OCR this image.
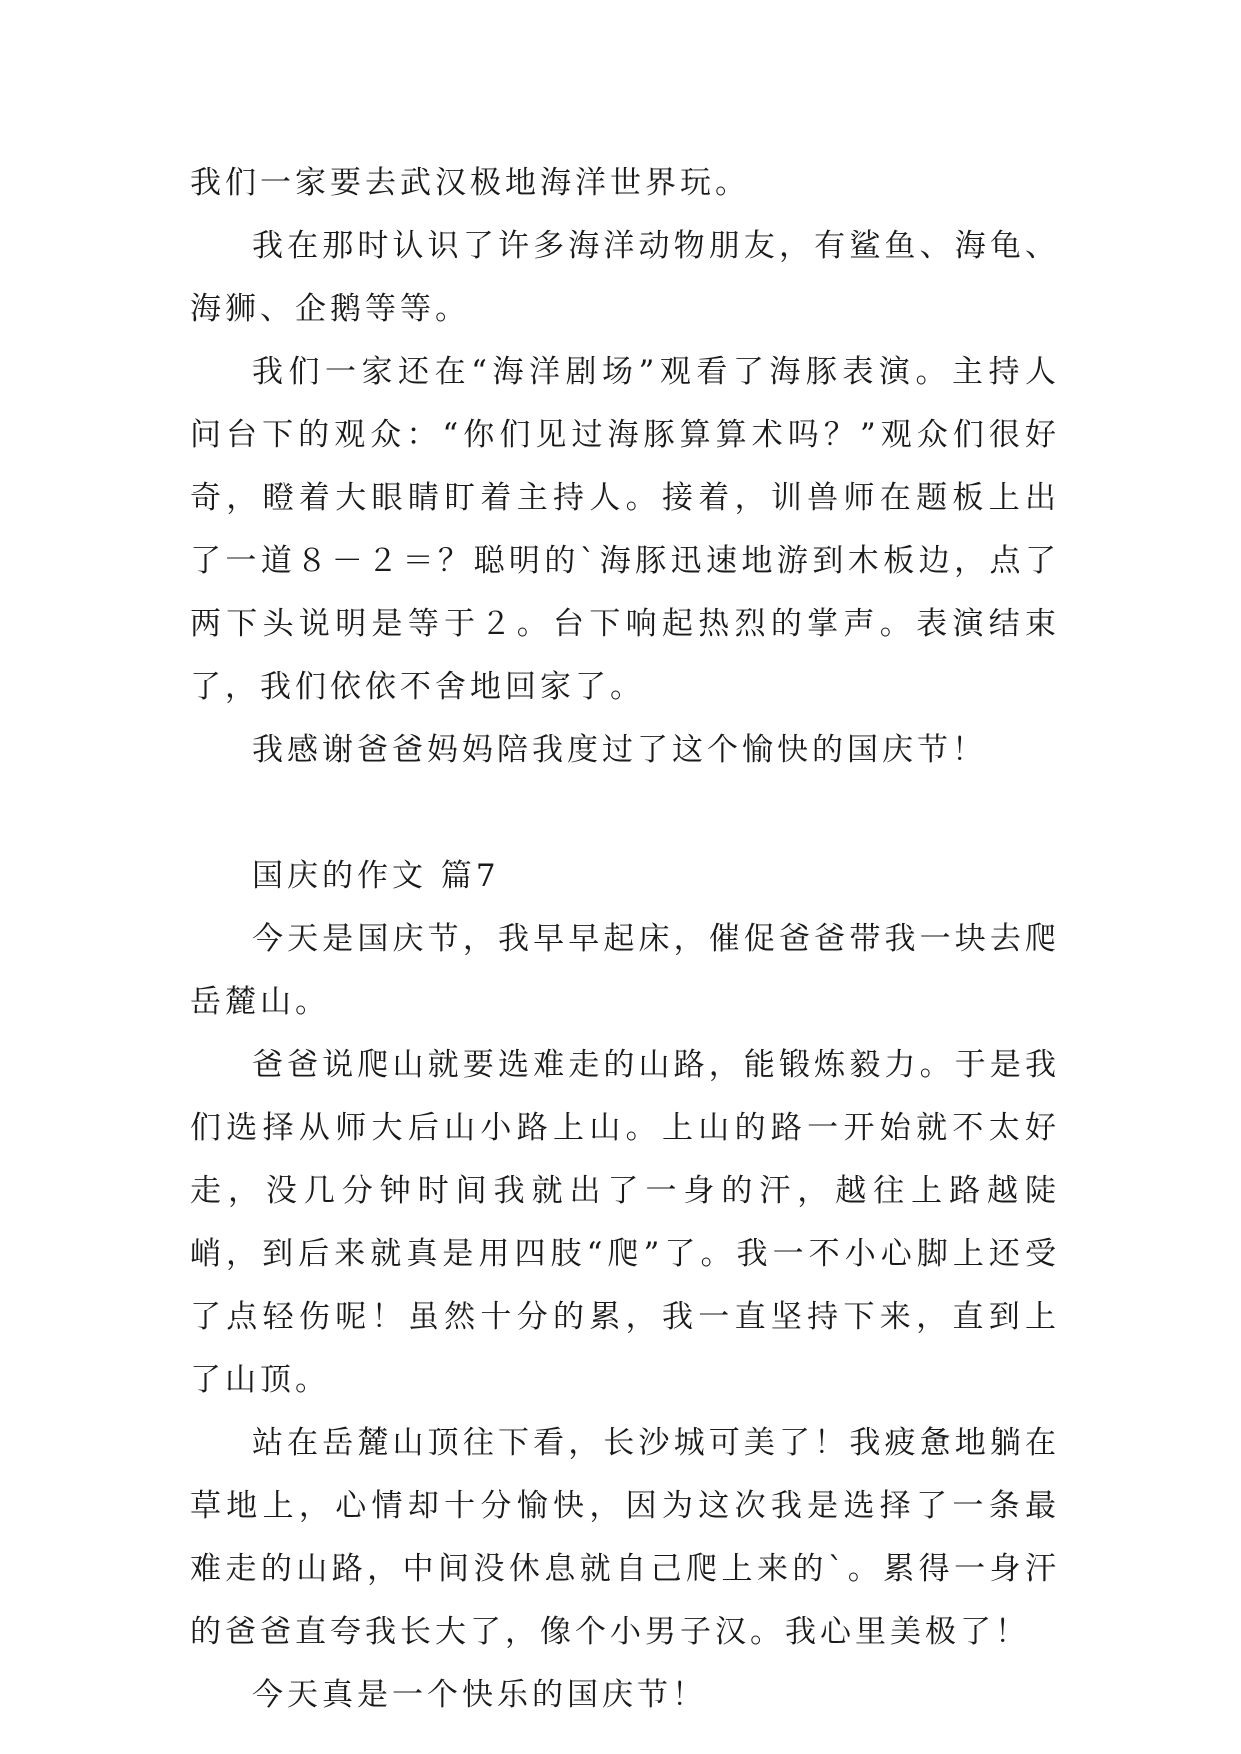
我们一家要去武汉极地海洋世界玩。

我在那时认识了许多海洋动物朋友，有鲨鱼、海龟、海狮、企鹅等等。

我们一家还在“海洋剧场”观看了海豚表演。主持人问台下的观众：“你们见过海豚算算术吗？”观众们很好奇，瞪着大眼睛盯着主持人。接着，训兽师在题板上出了一道８－２＝？聪明的`海豚迅速地游到木板边，点了两下头说明是等于２。台下响起热烈的掌声。表演结束了，我们依依不舍地回家了。

我感谢爸爸妈妈陪我度过了这个愉快的国庆节！

国庆的作文 篇7

今天是国庆节，我早早起床，催促爸爸带我一块去爬岳麓山。

爸爸说爬山就要选难走的山路，能锻炼毅力。于是我们选择从师大后山小路上山。上山的路一开始就不太好走，没几分钟时间我就出了一身的汗，越往上路越陡峭，到后来就真是用四肢“爬”了。我一不小心脚上还受了点轻伤呢！虽然十分的累，我一直坚持下来，直到上了山顶。

站在岳麓山顶往下看，长沙城可美了！我疲惫地躺在草地上，心情却十分愉快，因为这次我是选择了一条最难走的山路，中间没休息就自己爬上来的`。累得一身汗的爸爸直夸我长大了，像个小男子汉。我心里美极了！

今天真是一个快乐的国庆节！
